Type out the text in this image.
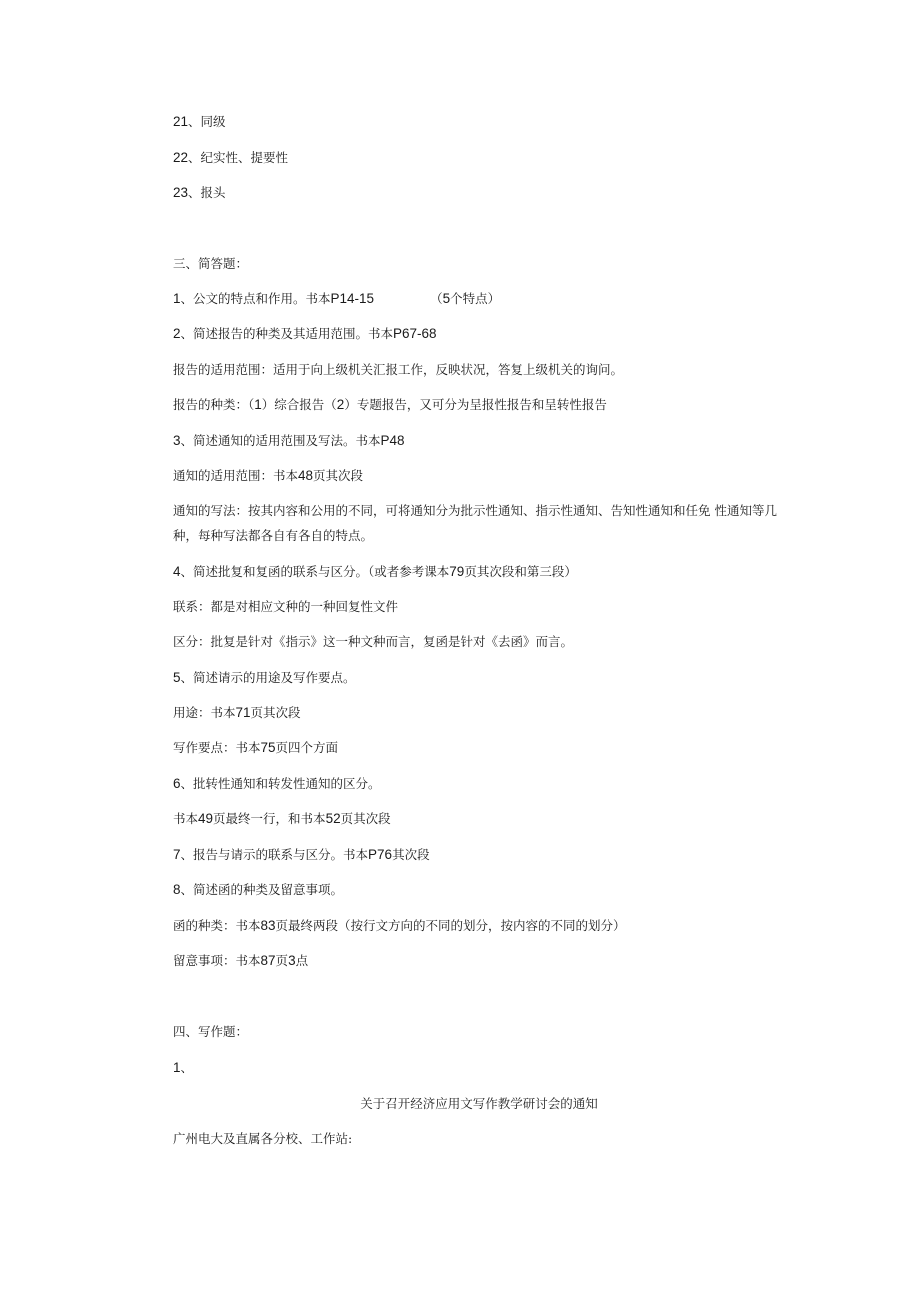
21、同级
22、纪实性、提要性
23、报头
三、简答题：
1、公文的特点和作用。书本P14-15	（5个特点）
2、简述报告的种类及其适用范围。书本P67-68
报告的适用范围：适用于向上级机关汇报工作，反映状况，答复上级机关的询问。
报告的种类：（1）综合报告（2）专题报告，又可分为呈报性报告和呈转性报告
3、简述通知的适用范围及写法。书本P48
通知的适用范围：书本48页其次段
通知的写法：按其内容和公用的不同，可将通知分为批示性通知、指示性通知、告知性通知和任免 性通知等几种，每种写法都各自有各自的特点。
4、简述批复和复函的联系与区分。（或者参考课本79页其次段和第三段）
联系：都是对相应文种的一种回复性文件
区分：批复是针对《指示》这一种文种而言，复函是针对《去函》而言。
5、简述请示的用途及写作要点。
用途：书本71页其次段
写作要点：书本75页四个方面
6、批转性通知和转发性通知的区分。
书本49页最终一行，和书本52页其次段
7、报告与请示的联系与区分。书本P76其次段
8、简述函的种类及留意事项。
函的种类：书本83页最终两段（按行文方向的不同的划分，按内容的不同的划分）
留意事项：书本87页3点
四、写作题：
1、
关于召开经济应用文写作教学研讨会的通知
广州电大及直属各分校、工作站:
